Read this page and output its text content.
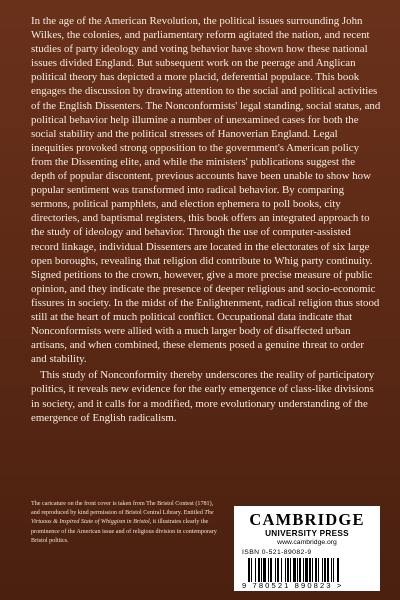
In the age of the American Revolution, the political issues surrounding John Wilkes, the colonies, and parliamentary reform agitated the nation, and recent studies of party ideology and voting behavior have shown how these national issues divided England. But subsequent work on the peerage and Anglican political theory has depicted a more placid, deferential populace. This book engages the discussion by drawing attention to the social and political activities of the English Dissenters. The Nonconformists' legal standing, social status, and political behavior help illumine a number of unexamined cases for both the social stability and the political stresses of Hanoverian England. Legal inequities provoked strong opposition to the government's American policy from the Dissenting elite, and while the ministers' publications suggest the depth of popular discontent, previous accounts have been unable to show how popular sentiment was transformed into radical behavior. By comparing sermons, political pamphlets, and election ephemera to poll books, city directories, and baptismal registers, this book offers an integrated approach to the study of ideology and behavior. Through the use of computer-assisted record linkage, individual Dissenters are located in the electorates of six large open boroughs, revealing that religion did contribute to Whig party continuity. Signed petitions to the crown, however, give a more precise measure of public opinion, and they indicate the presence of deeper religious and socio-economic fissures in society. In the midst of the Enlightenment, radical religion thus stood still at the heart of much political conflict. Occupational data indicate that Nonconformists were allied with a much larger body of disaffected urban artisans, and when combined, these elements posed a genuine threat to order and stability.

This study of Nonconformity thereby underscores the reality of participatory politics, it reveals new evidence for the early emergence of class-like divisions in society, and it calls for a modified, more evolutionary understanding of the emergence of English radicalism.

The caricature on the front cover is taken from The Bristol Contest (1781), and reproduced by kind permission of Bristol Central Library. Entitled The Virtuous & Inspired State of Whiggism in Bristol, it illustrates clearly the prominence of the American issue and of religious division in contemporary Bristol politics.
CAMBRIDGE
UNIVERSITY PRESS
www.cambridge.org
ISBN 0-521-89082-9
9 780521 890823 >
